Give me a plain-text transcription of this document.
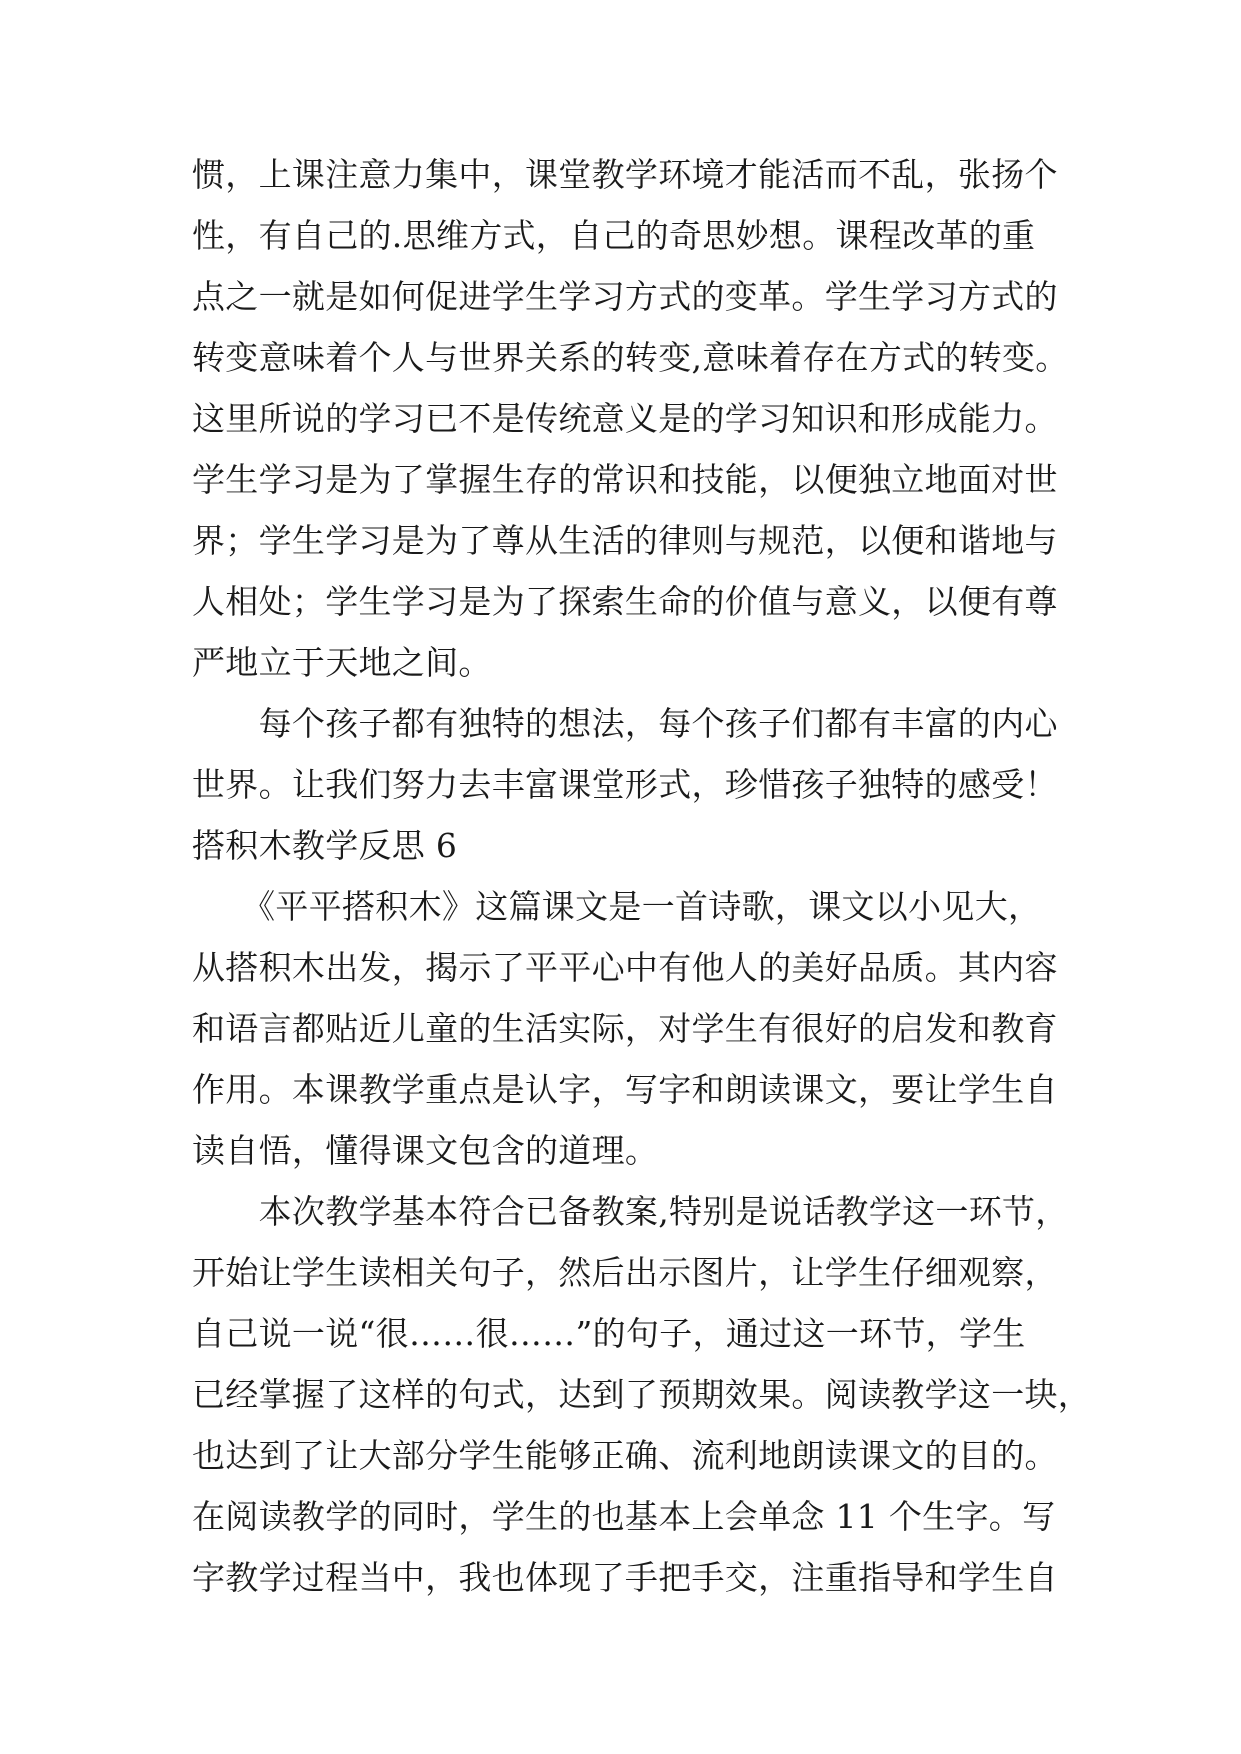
惯，上课注意力集中，课堂教学环境才能活而不乱，张扬个
性，有自己的.思维方式，自己的奇思妙想。课程改革的重
点之一就是如何促进学生学习方式的变革。学生学习方式的
转变意味着个人与世界关系的转变,意味着存在方式的转变。
这里所说的学习已不是传统意义是的学习知识和形成能力。
学生学习是为了掌握生存的常识和技能，以便独立地面对世
界；学生学习是为了尊从生活的律则与规范，以便和谐地与
人相处；学生学习是为了探索生命的价值与意义，以便有尊
严地立于天地之间。
　　每个孩子都有独特的想法，每个孩子们都有丰富的内心
世界。让我们努力去丰富课堂形式，珍惜孩子独特的感受！
搭积木教学反思 6
　　《平平搭积木》这篇课文是一首诗歌，课文以小见大，
从搭积木出发，揭示了平平心中有他人的美好品质。其内容
和语言都贴近儿童的生活实际，对学生有很好的启发和教育
作用。本课教学重点是认字，写字和朗读课文，要让学生自
读自悟，懂得课文包含的道理。
　　本次教学基本符合已备教案,特别是说话教学这一环节，
开始让学生读相关句子，然后出示图片，让学生仔细观察，
自己说一说“很……很……”的句子，通过这一环节，学生
已经掌握了这样的句式，达到了预期效果。阅读教学这一块，
也达到了让大部分学生能够正确、流利地朗读课文的目的。
在阅读教学的同时，学生的也基本上会单念 11 个生字。写
字教学过程当中，我也体现了手把手交，注重指导和学生自
